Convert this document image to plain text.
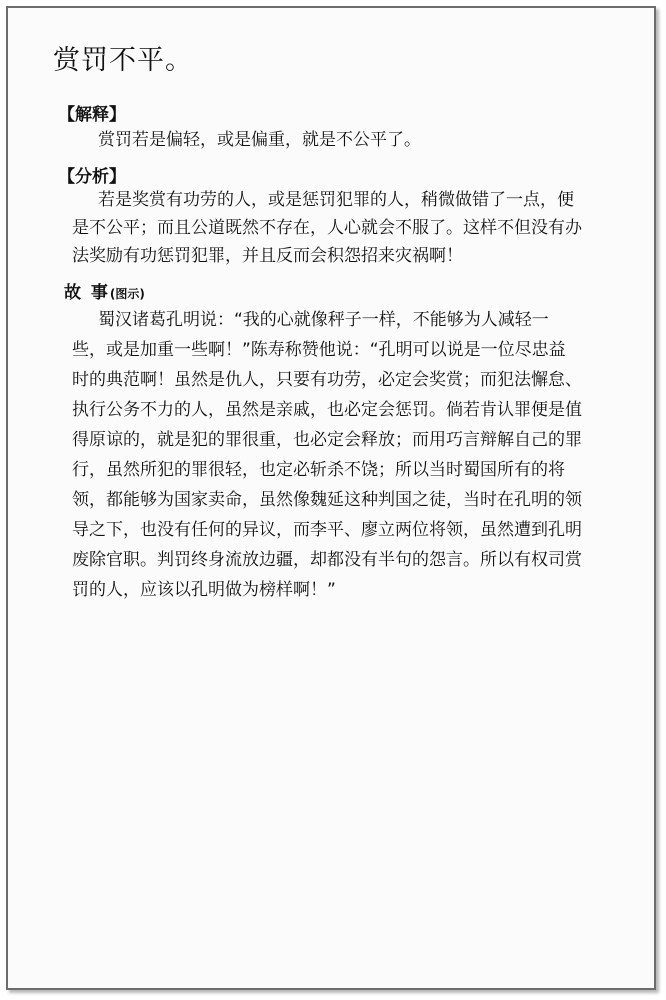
赏罚不平。
【解释】
赏罚若是偏轻，或是偏重，就是不公平了。
【分析】
若是奖赏有功劳的人，或是惩罚犯罪的人，稍微做错了一点，便
是不公平；而且公道既然不存在，人心就会不服了。这样不但没有办
法奖励有功惩罚犯罪，并且反而会积怨招来灾祸啊！
故 事(图示)
蜀汉诸葛孔明说：“我的心就像秤子一样，不能够为人减轻一
些，或是加重一些啊！”陈寿称赞他说：“孔明可以说是一位尽忠益
时的典范啊！虽然是仇人，只要有功劳，必定会奖赏；而犯法懈怠、
执行公务不力的人，虽然是亲戚，也必定会惩罚。倘若肯认罪便是值
得原谅的，就是犯的罪很重，也必定会释放；而用巧言辩解自己的罪
行，虽然所犯的罪很轻，也定必斩杀不饶；所以当时蜀国所有的将
领，都能够为国家卖命，虽然像魏延这种判国之徒，当时在孔明的领
导之下，也没有任何的异议，而李平、廖立两位将领，虽然遭到孔明
废除官职。判罚终身流放边疆，却都没有半句的怨言。所以有权司赏
罚的人，应该以孔明做为榜样啊！”
